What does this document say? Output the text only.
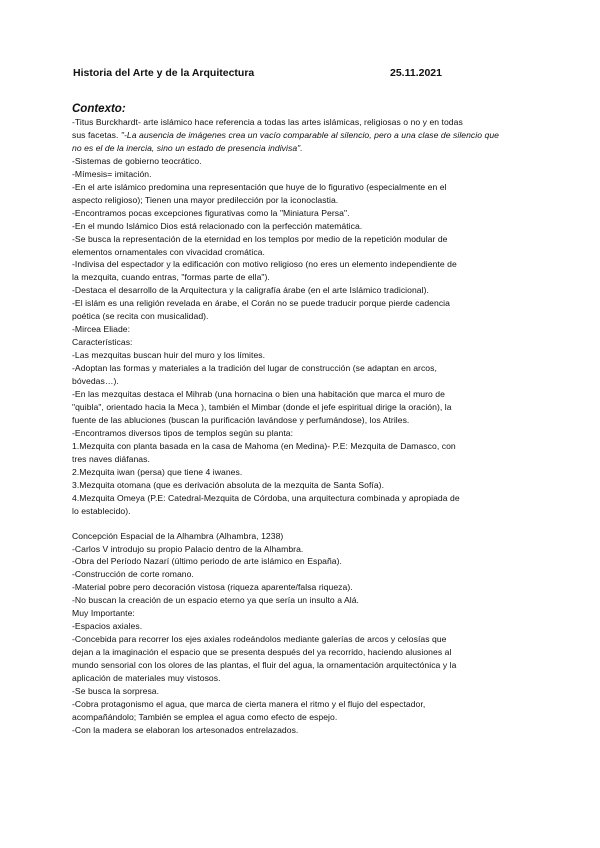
Historia del Arte y de la Arquitectura	25.11.2021
Contexto:
-Titus Burckhardt- arte islámico hace referencia a todas las artes islámicas, religiosas o no y en todas
sus facetas. "-La ausencia de imágenes crea un vacío comparable al silencio, pero a una clase de silencio que
no es el de la inercia, sino un estado de presencia indivisa".
-Sistemas de gobierno teocrático.
-Mímesis= imitación.
-En el arte islámico predomina una representación que huye de lo figurativo (especialmente en el
aspecto religioso); Tienen una mayor predilección por la iconoclastia.
-Encontramos pocas excepciones figurativas como la "Miniatura Persa".
-En el mundo Islámico Dios está relacionado con la perfección matemática.
-Se busca la representación de la eternidad en los templos por medio de la repetición modular de
elementos ornamentales con vivacidad cromática.
-Indivisa del espectador y la edificación con motivo religioso (no eres un elemento independiente de
la mezquita, cuando entras, "formas parte de ella").
-Destaca el desarrollo de la Arquitectura y la caligrafía árabe (en el arte Islámico tradicional).
-El islám es una religión revelada en árabe, el Corán no se puede traducir porque pierde cadencia
poética (se recita con musicalidad).
-Mircea Eliade:
Características:
-Las mezquitas buscan huir del muro y los límites.
-Adoptan las formas y materiales a la tradición del lugar de construcción (se adaptan en arcos,
bóvedas…).
-En las mezquitas destaca el Mihrab (una hornacina o bien una habitación que marca el muro de
"quibla", orientado hacia la Meca ), también el Mimbar (donde el jefe espiritual dirige la oración), la
fuente de las abluciones (buscan la purificación lavándose y perfumándose), los Atriles.
-Encontramos diversos tipos de templos según su planta:
1.Mezquita con planta basada en la casa de Mahoma (en Medina)- P.E: Mezquita de Damasco, con
tres naves diáfanas.
2.Mezquita iwan (persa) que tiene 4 iwanes.
3.Mezquita otomana (que es derivación absoluta de la mezquita de Santa Sofía).
4.Mezquita Omeya (P.E: Catedral-Mezquita de Córdoba, una arquitectura combinada y apropiada de
lo establecido).
Concepción Espacial de la Alhambra (Alhambra, 1238)
-Carlos V introdujo su propio Palacio dentro de la Alhambra.
-Obra del Período Nazarí (último periodo de arte islámico en España).
-Construcción de corte romano.
-Material pobre pero decoración vistosa (riqueza aparente/falsa riqueza).
-No buscan la creación de un espacio eterno ya que sería un insulto a Alá.
Muy Importante:
-Espacios axiales.
-Concebida para recorrer los ejes axiales rodeándolos mediante galerías de arcos y celosías que
dejan a la imaginación el espacio que se presenta después del ya recorrido, haciendo alusiones al
mundo sensorial con los olores de las plantas, el fluir del agua, la ornamentación arquitectónica y la
aplicación de materiales muy vistosos.
-Se busca la sorpresa.
-Cobra protagonismo el agua, que marca de cierta manera el ritmo y el flujo del espectador,
acompañándolo; También se emplea el agua como efecto de espejo.
-Con la madera se elaboran los artesonados entrelazados.
